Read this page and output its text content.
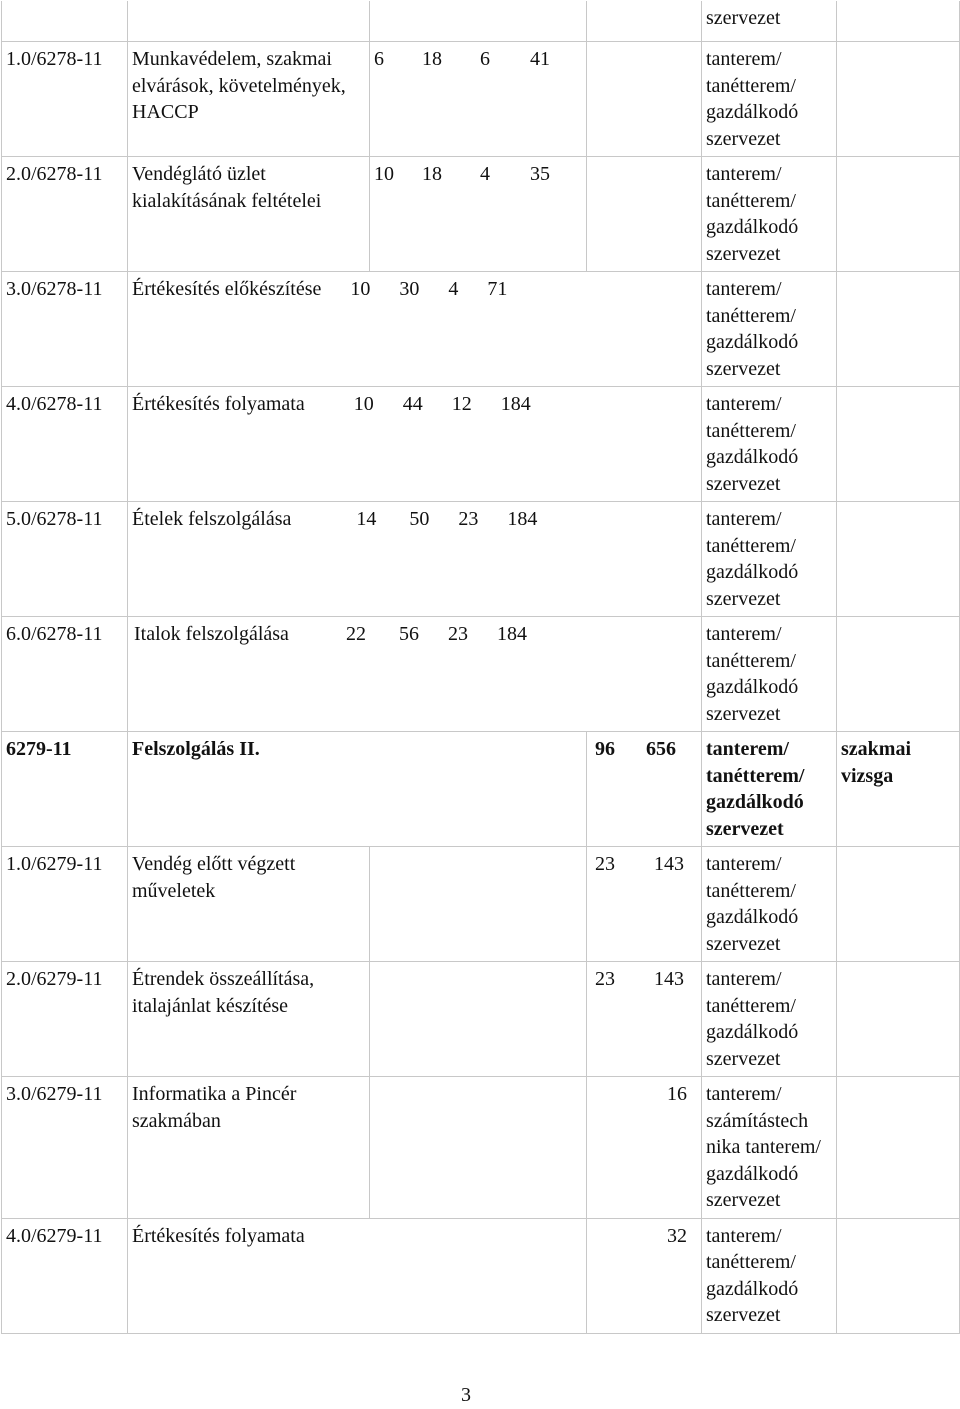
				szervezet	
1.0/6278-11	Munkavédelem, szakmai elvárások, követelmények, HACCP	6 18 6 41		tanterem/ tanétterem/ gazdálkodó szervezet	
2.0/6278-11	Vendéglátó üzlet kialakításának feltételei	10 18 4 35		tanterem/ tanétterem/ gazdálkodó szervezet	
3.0/6278-11	Értékesítés előkészítése 10 30 4 71			tanterem/ tanétterem/ gazdálkodó szervezet	
4.0/6278-11	Értékesítés folyamata 10 44 12 184			tanterem/ tanétterem/ gazdálkodó szervezet	
5.0/6278-11	Ételek felszolgálása 14 50 23 184			tanterem/ tanétterem/ gazdálkodó szervezet	
6.0/6278-11	Italok felszolgálása 22 56 23 184			tanterem/ tanétterem/ gazdálkodó szervezet	
6279-11	Felszolgálás II.		96 656	tanterem/ tanétterem/ gazdálkodó szervezet	szakmai vizsga
1.0/6279-11	Vendég előtt végzett műveletek		23 143	tanterem/ tanétterem/ gazdálkodó szervezet	
2.0/6279-11	Étrendek összeállítása, italajánlat készítése		23 143	tanterem/ tanétterem/ gazdálkodó szervezet	
3.0/6279-11	Informatika a Pincér szakmában		16	tanterem/ számítástech nika tanterem/ gazdálkodó szervezet	
4.0/6279-11	Értékesítés folyamata		32	tanterem/ tanétterem/ gazdálkodó szervezet	
3
